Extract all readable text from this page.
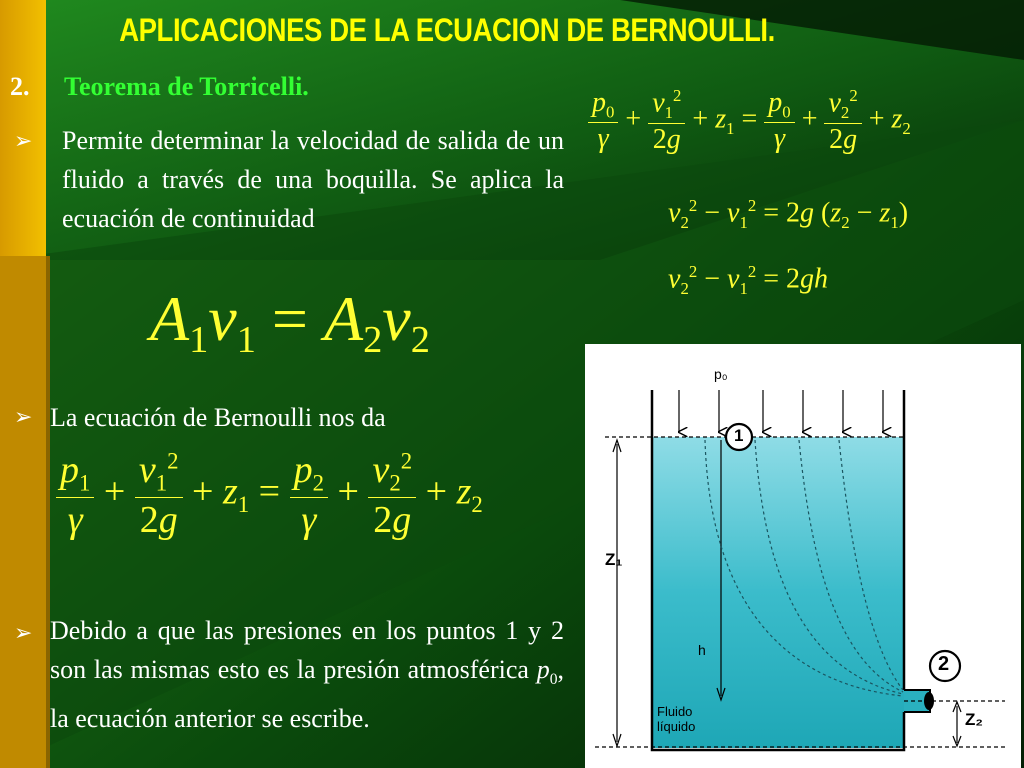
APLICACIONES DE LA ECUACION DE BERNOULLI.
2. Teorema de Torricelli.
➢ Permite determinar la velocidad de salida de un fluido a través de una boquilla. Se aplica la ecuación de continuidad
A1v1 = A2v2
➢ La ecuación de Bernoulli nos da
$\frac{p_1}{\gamma} + \frac{v_1^2}{2g} + z_1 = \frac{p_2}{\gamma} + \frac{v_2^2}{2g} + z_2$
➢ Debido a que las presiones en los puntos 1 y 2 son las mismas esto es la presión atmosférica $p_0$, la ecuación anterior se escribe.
$\frac{p_0}{\gamma} + \frac{v_1^2}{2g} + z_1 = \frac{p_0}{\gamma} + \frac{v_2^2}{2g} + z_2$
$v_2^2 - v_1^2 = 2g$ $(z_2 - z_1)$
$v_2^2 - v_1^2 = 2gh$
p₀
1
2
Z₁
Z₂
h
Fluido
líquido
